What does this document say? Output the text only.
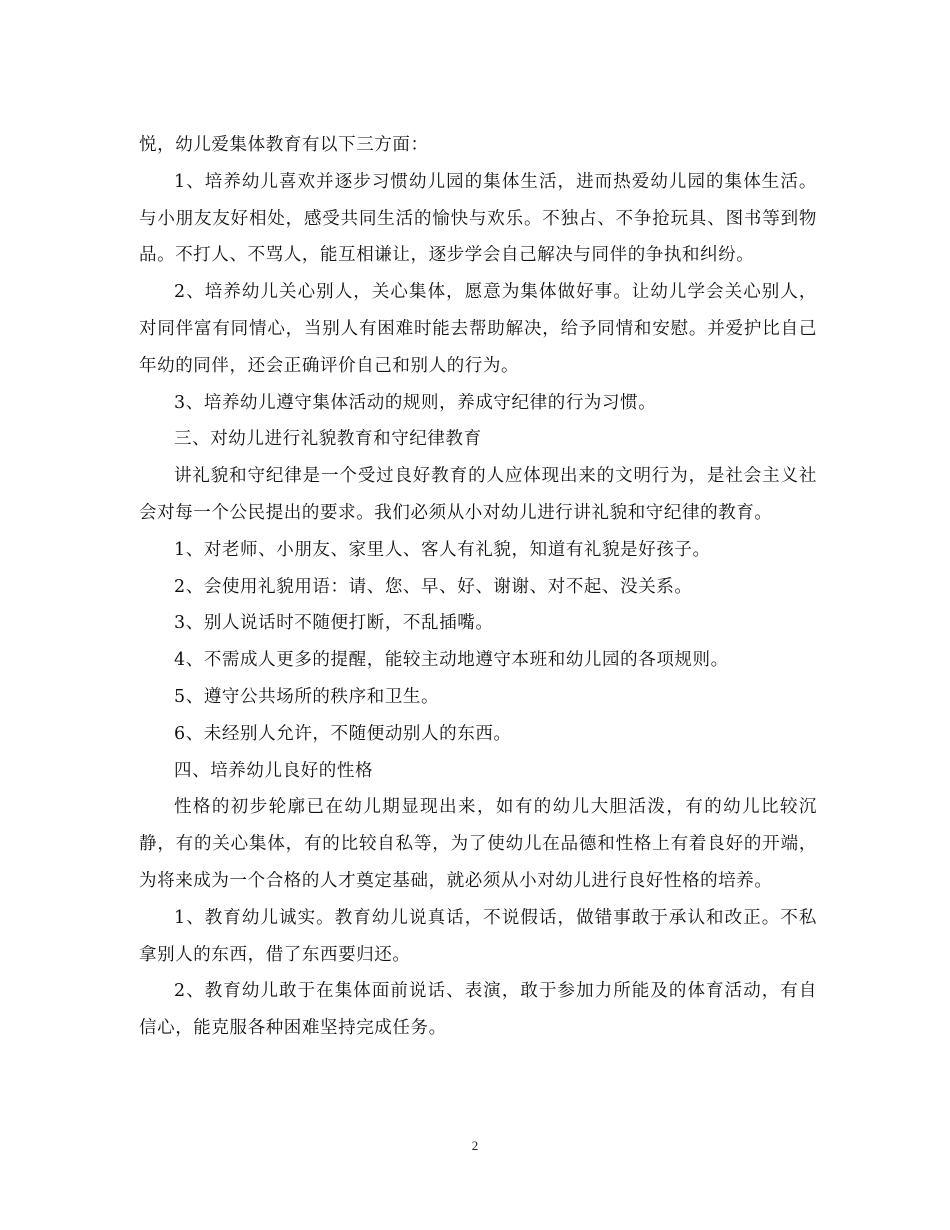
悦，幼儿爱集体教育有以下三方面：

1、培养幼儿喜欢并逐步习惯幼儿园的集体生活，进而热爱幼儿园的集体生活。与小朋友友好相处，感受共同生活的愉快与欢乐。不独占、不争抢玩具、图书等到物品。不打人、不骂人，能互相谦让，逐步学会自己解决与同伴的争执和纠纷。

2、培养幼儿关心别人，关心集体，愿意为集体做好事。让幼儿学会关心别人，对同伴富有同情心，当别人有困难时能去帮助解决，给予同情和安慰。并爱护比自己年幼的同伴，还会正确评价自己和别人的行为。

3、培养幼儿遵守集体活动的规则，养成守纪律的行为习惯。

三、对幼儿进行礼貌教育和守纪律教育

讲礼貌和守纪律是一个受过良好教育的人应体现出来的文明行为，是社会主义社会对每一个公民提出的要求。我们必须从小对幼儿进行讲礼貌和守纪律的教育。

1、对老师、小朋友、家里人、客人有礼貌，知道有礼貌是好孩子。

2、会使用礼貌用语：请、您、早、好、谢谢、对不起、没关系。

3、别人说话时不随便打断，不乱插嘴。

4、不需成人更多的提醒，能较主动地遵守本班和幼儿园的各项规则。

5、遵守公共场所的秩序和卫生。

6、未经别人允许，不随便动别人的东西。

四、培养幼儿良好的性格

性格的初步轮廓已在幼儿期显现出来，如有的幼儿大胆活泼，有的幼儿比较沉静，有的关心集体，有的比较自私等，为了使幼儿在品德和性格上有着良好的开端，为将来成为一个合格的人才奠定基础，就必须从小对幼儿进行良好性格的培养。

1、教育幼儿诚实。教育幼儿说真话，不说假话，做错事敢于承认和改正。不私拿别人的东西，借了东西要归还。

2、教育幼儿敢于在集体面前说话、表演，敢于参加力所能及的体育活动，有自信心，能克服各种困难坚持完成任务。

2
